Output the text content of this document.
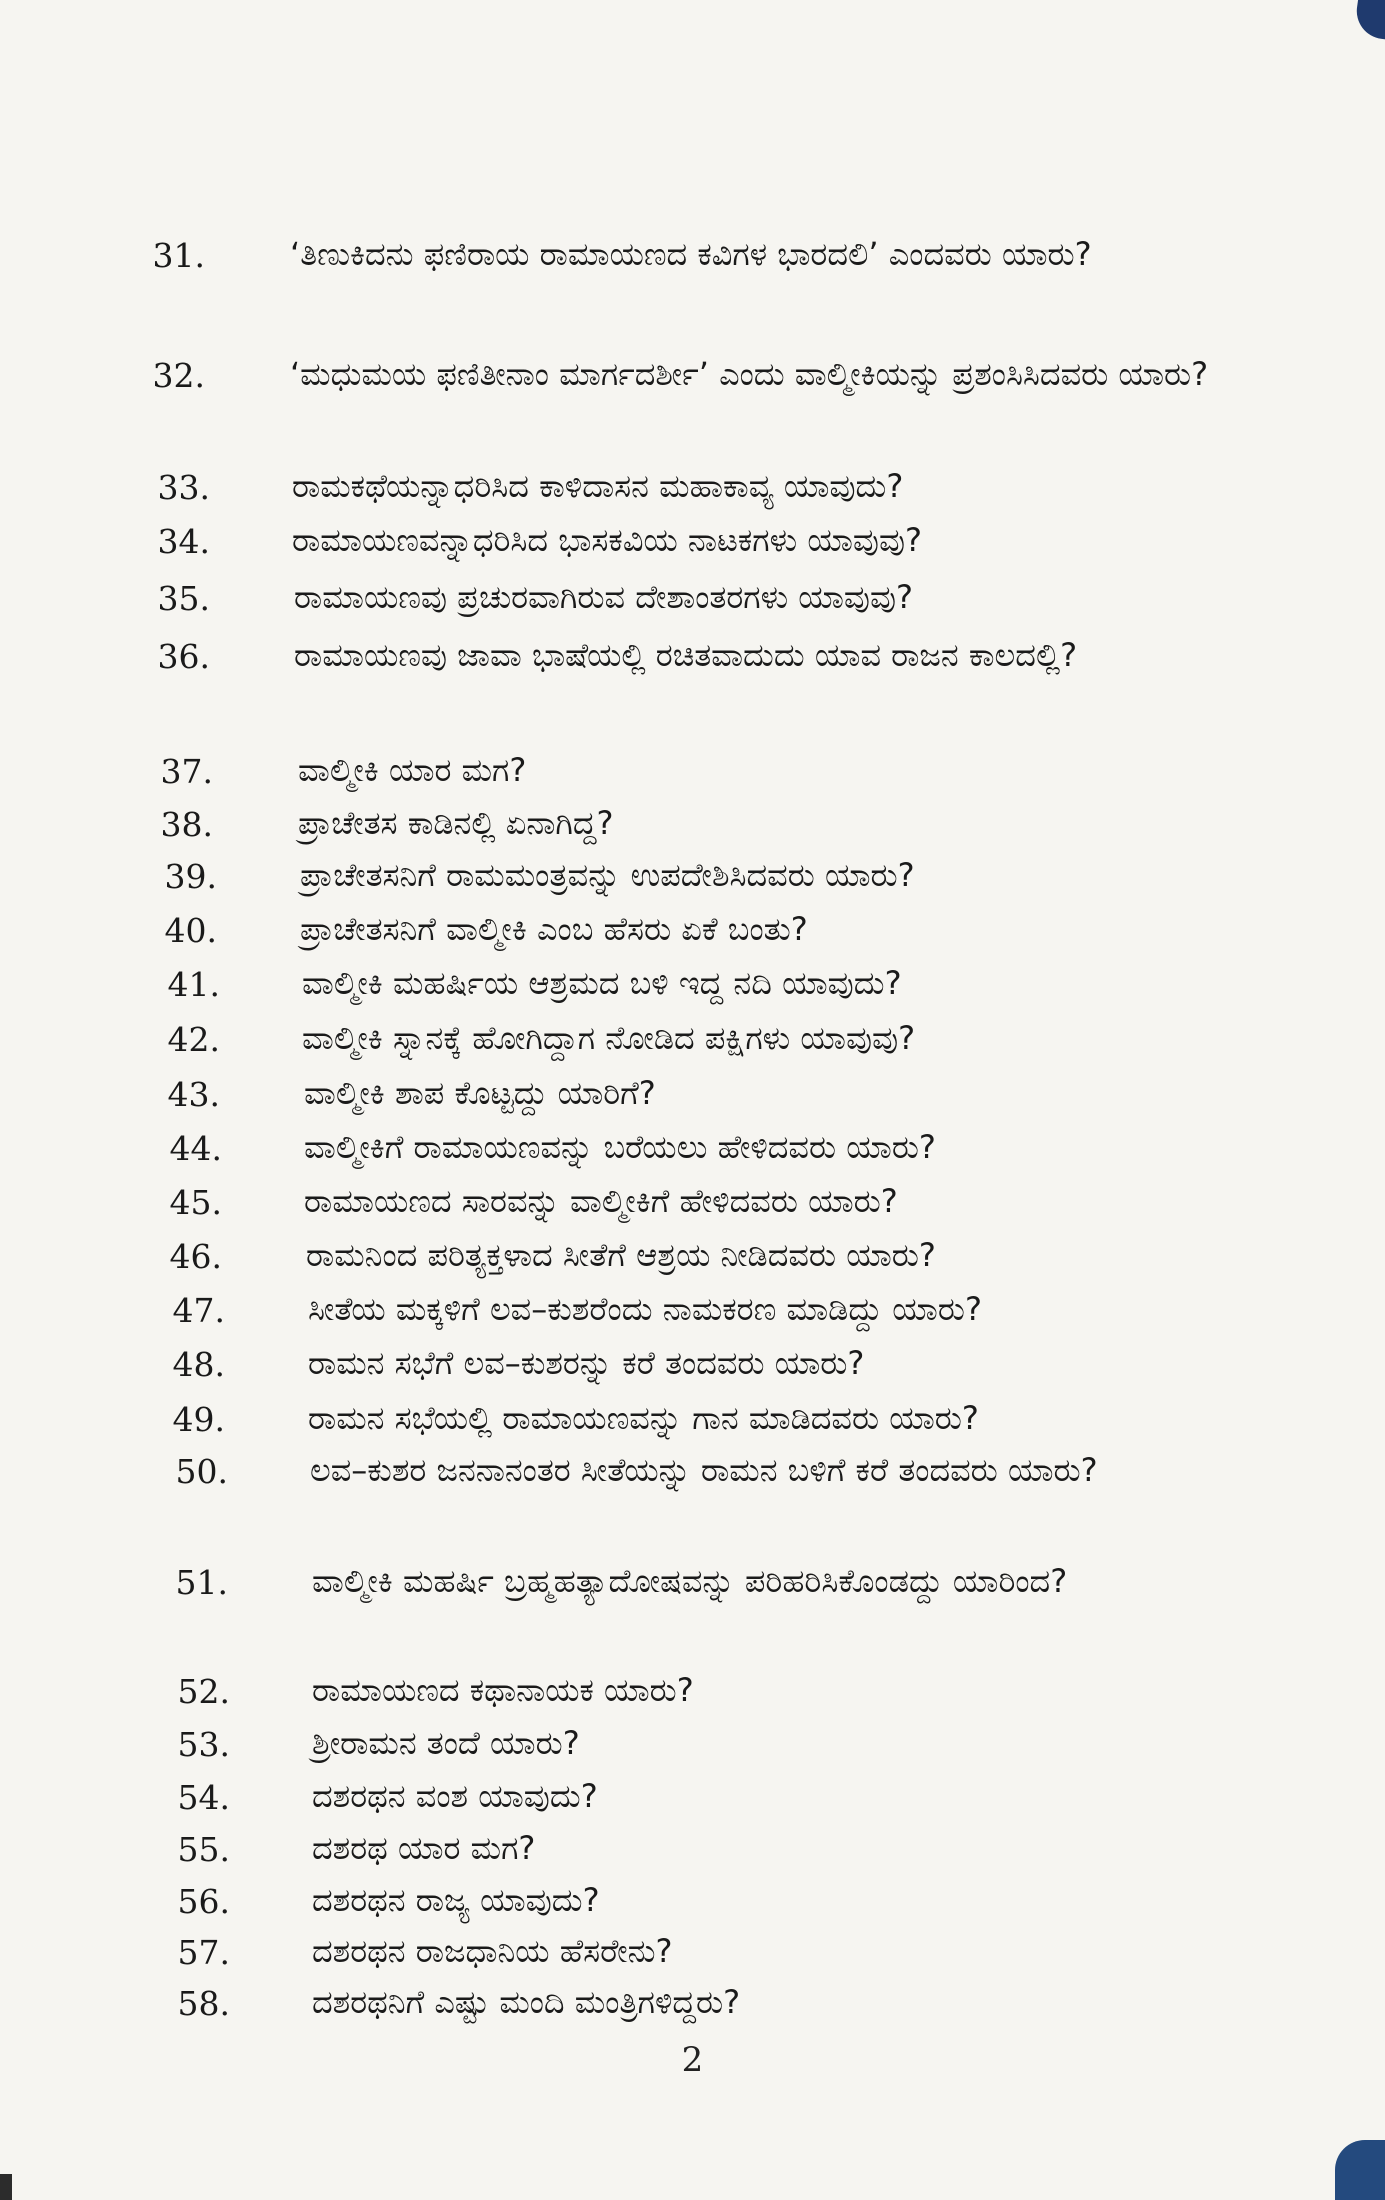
31.	‘ತಿಣುಕಿದನು ಫಣಿರಾಯ ರಾಮಾಯಣದ ಕವಿಗಳ ಭಾರದಲಿ’ ಎಂದವರು ಯಾರು?
32.	‘ಮಧುಮಯ ಫಣಿತೀನಾಂ ಮಾರ್ಗದರ್ಶೀ’ ಎಂದು ವಾಲ್ಮೀಕಿಯನ್ನು ಪ್ರಶಂಸಿಸಿದವರು ಯಾರು?
33.	ರಾಮಕಥೆಯನ್ನಾಧರಿಸಿದ ಕಾಳಿದಾಸನ ಮಹಾಕಾವ್ಯ ಯಾವುದು?
34.	ರಾಮಾಯಣವನ್ನಾಧರಿಸಿದ ಭಾಸಕವಿಯ ನಾಟಕಗಳು ಯಾವುವು?
35.	ರಾಮಾಯಣವು ಪ್ರಚುರವಾಗಿರುವ ದೇಶಾಂತರಗಳು ಯಾವುವು?
36.	ರಾಮಾಯಣವು ಜಾವಾ ಭಾಷೆಯಲ್ಲಿ ರಚಿತವಾದುದು ಯಾವ ರಾಜನ ಕಾಲದಲ್ಲಿ?
37.	ವಾಲ್ಮೀಕಿ ಯಾರ ಮಗ?
38.	ಪ್ರಾಚೇತಸ ಕಾಡಿನಲ್ಲಿ ಏನಾಗಿದ್ದ?
39.	ಪ್ರಾಚೇತಸನಿಗೆ ರಾಮಮಂತ್ರವನ್ನು ಉಪದೇಶಿಸಿದವರು ಯಾರು?
40.	ಪ್ರಾಚೇತಸನಿಗೆ ವಾಲ್ಮೀಕಿ ಎಂಬ ಹೆಸರು ಏಕೆ ಬಂತು?
41.	ವಾಲ್ಮೀಕಿ ಮಹರ್ಷಿಯ ಆಶ್ರಮದ ಬಳಿ ಇದ್ದ ನದಿ ಯಾವುದು?
42.	ವಾಲ್ಮೀಕಿ ಸ್ನಾನಕ್ಕೆ ಹೋಗಿದ್ದಾಗ ನೋಡಿದ ಪಕ್ಷಿಗಳು ಯಾವುವು?
43.	ವಾಲ್ಮೀಕಿ ಶಾಪ ಕೊಟ್ಟದ್ದು ಯಾರಿಗೆ?
44.	ವಾಲ್ಮೀಕಿಗೆ ರಾಮಾಯಣವನ್ನು ಬರೆಯಲು ಹೇಳಿದವರು ಯಾರು?
45.	ರಾಮಾಯಣದ ಸಾರವನ್ನು ವಾಲ್ಮೀಕಿಗೆ ಹೇಳಿದವರು ಯಾರು?
46.	ರಾಮನಿಂದ ಪರಿತ್ಯಕ್ತಳಾದ ಸೀತೆಗೆ ಆಶ್ರಯ ನೀಡಿದವರು ಯಾರು?
47.	ಸೀತೆಯ ಮಕ್ಕಳಿಗೆ ಲವ–ಕುಶರೆಂದು ನಾಮಕರಣ ಮಾಡಿದ್ದು ಯಾರು?
48.	ರಾಮನ ಸಭೆಗೆ ಲವ–ಕುಶರನ್ನು ಕರೆ ತಂದವರು ಯಾರು?
49.	ರಾಮನ ಸಭೆಯಲ್ಲಿ ರಾಮಾಯಣವನ್ನು ಗಾನ ಮಾಡಿದವರು ಯಾರು?
50.	ಲವ–ಕುಶರ ಜನನಾನಂತರ ಸೀತೆಯನ್ನು ರಾಮನ ಬಳಿಗೆ ಕರೆ ತಂದವರು ಯಾರು?
51.	ವಾಲ್ಮೀಕಿ ಮಹರ್ಷಿ ಬ್ರಹ್ಮಹತ್ಯಾದೋಷವನ್ನು ಪರಿಹರಿಸಿಕೊಂಡದ್ದು ಯಾರಿಂದ?
52.	ರಾಮಾಯಣದ ಕಥಾನಾಯಕ ಯಾರು?
53.	ಶ್ರೀರಾಮನ ತಂದೆ ಯಾರು?
54.	ದಶರಥನ ವಂಶ ಯಾವುದು?
55.	ದಶರಥ ಯಾರ ಮಗ?
56.	ದಶರಥನ ರಾಜ್ಯ ಯಾವುದು?
57.	ದಶರಥನ ರಾಜಧಾನಿಯ ಹೆಸರೇನು?
58.	ದಶರಥನಿಗೆ ಎಷ್ಟು ಮಂದಿ ಮಂತ್ರಿಗಳಿದ್ದರು?
2
